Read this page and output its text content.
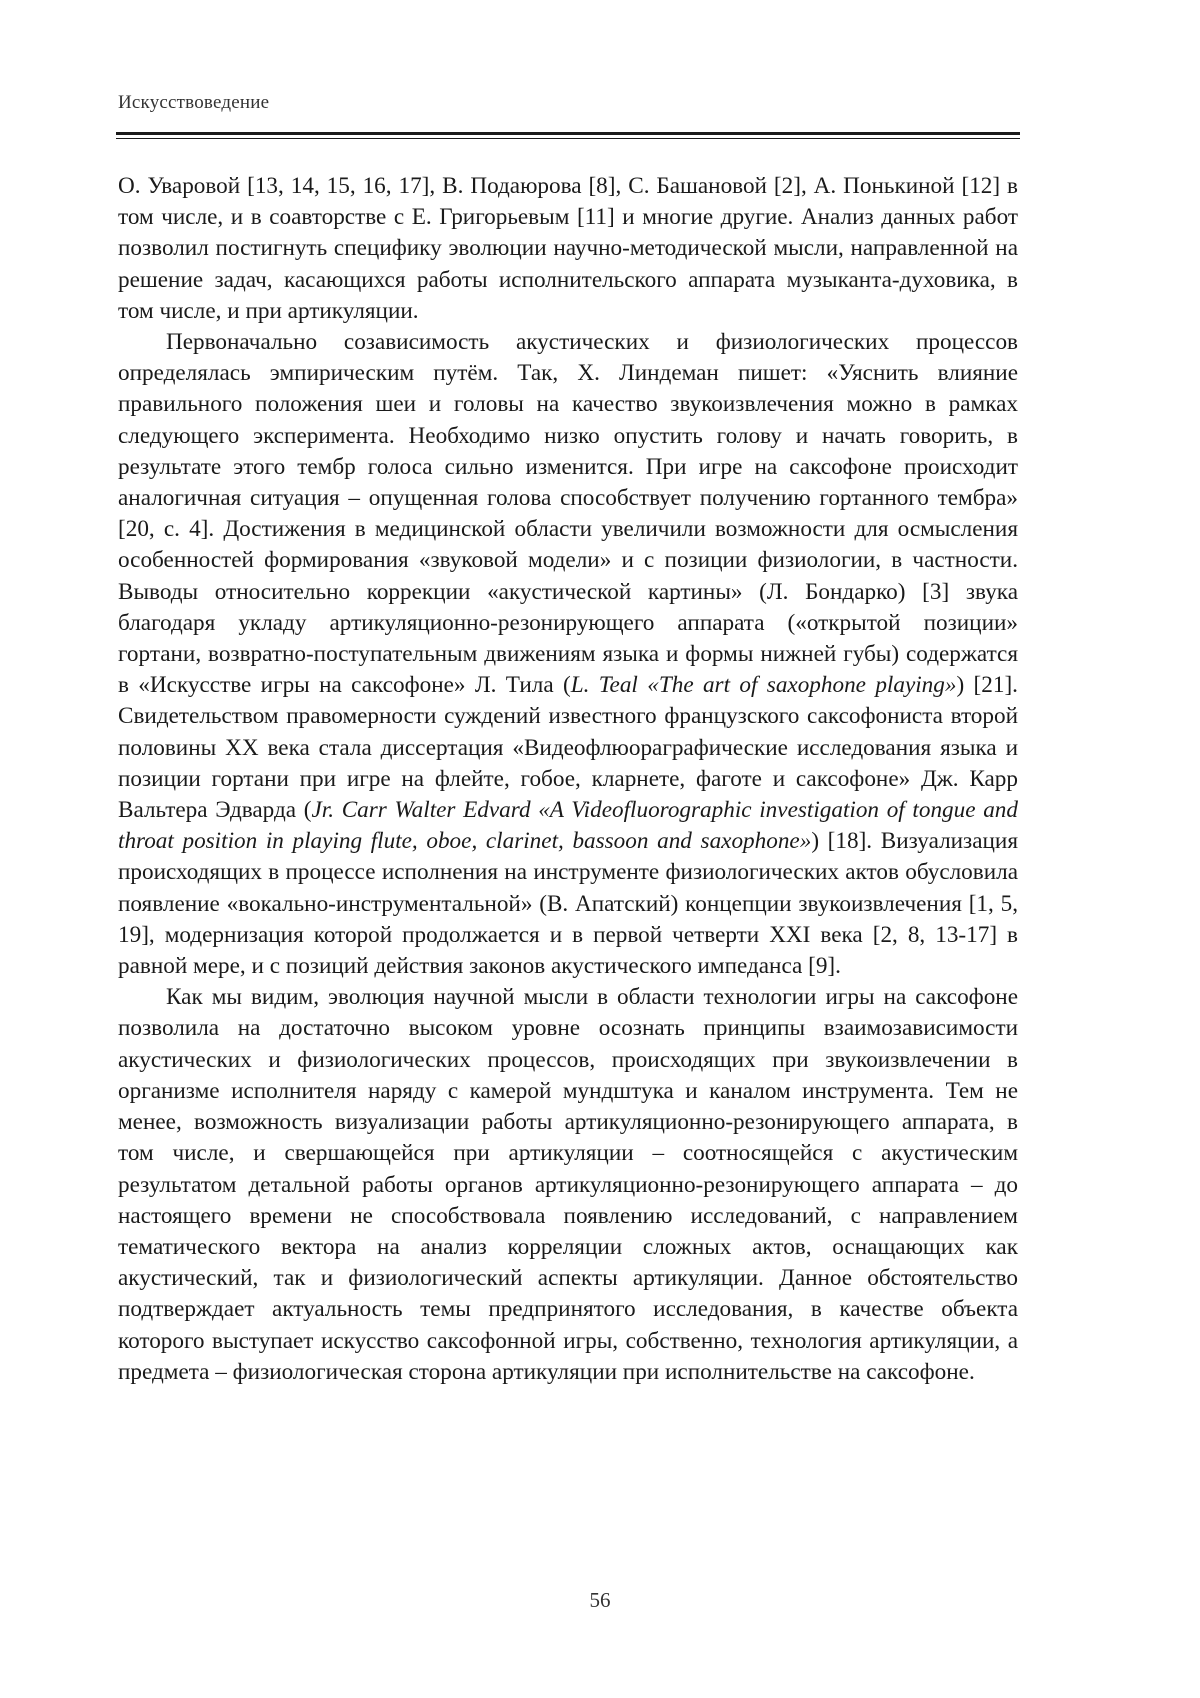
Искусствоведение

О. Уваровой [13, 14, 15, 16, 17], В. Подаюрова [8], С. Башановой [2], А. Понькиной [12] в том числе, и в соавторстве с Е. Григорьевым [11] и многие другие. Анализ данных работ позволил постигнуть специфику эволюции научно-методической мысли, направленной на решение задач, касающихся работы исполнительского аппарата музыканта-духовика, в том числе, и при артикуляции.

Первоначально созависимость акустических и физиологических процессов определялась эмпирическим путём. Так, Х. Линдеман пишет: «Уяснить влияние правильного положения шеи и головы на качество звукоизвлечения можно в рамках следующего эксперимента. Необходимо низко опустить голову и начать говорить, в результате этого тембр голоса сильно изменится. При игре на саксофоне происходит аналогичная ситуация – опущенная голова способствует получению гортанного тембра» [20, с. 4]. Достижения в медицинской области увеличили возможности для осмысления особенностей формирования «звуковой модели» и с позиции физиологии, в частности. Выводы относительно коррекции «акустической картины» (Л. Бондарко) [3] звука благодаря укладу артикуляционно-резонирующего аппарата («открытой позиции» гортани, возвратно-поступательным движениям языка и формы нижней губы) содержатся в «Искусстве игры на саксофоне» Л. Тила (L. Teal «The art of saxophone playing») [21]. Свидетельством правомерности суждений известного французского саксофониста второй половины XX века стала диссертация «Видеофлюораграфические исследования языка и позиции гортани при игре на флейте, гобое, кларнете, фаготе и саксофоне» Дж. Карр Вальтера Эдварда (Jr. Carr Walter Edvard «A Videofluorographic investigation of tongue and throat position in playing flute, oboe, clarinet, bassoon and saxophone») [18]. Визуализация происходящих в процессе исполнения на инструменте физиологических актов обусловила появление «вокально-инструментальной» (В. Апатский) концепции звукоизвлечения [1, 5, 19], модернизация которой продолжается и в первой четверти XXI века [2, 8, 13-17] в равной мере, и с позиций действия законов акустического импеданса [9].

Как мы видим, эволюция научной мысли в области технологии игры на саксофоне позволила на достаточно высоком уровне осознать принципы взаимозависимости акустических и физиологических процессов, происходящих при звукоизвлечении в организме исполнителя наряду с камерой мундштука и каналом инструмента. Тем не менее, возможность визуализации работы артикуляционно-резонирующего аппарата, в том числе, и свершающейся при артикуляции – соотносящейся с акустическим результатом детальной работы органов артикуляционно-резонирующего аппарата – до настоящего времени не способствовала появлению исследований, с направлением тематического вектора на анализ корреляции сложных актов, оснащающих как акустический, так и физиологический аспекты артикуляции. Данное обстоятельство подтверждает актуальность темы предпринятого исследования, в качестве объекта которого выступает искусство саксофонной игры, собственно, технология артикуляции, а предмета – физиологическая сторона артикуляции при исполнительстве на саксофоне.

56
